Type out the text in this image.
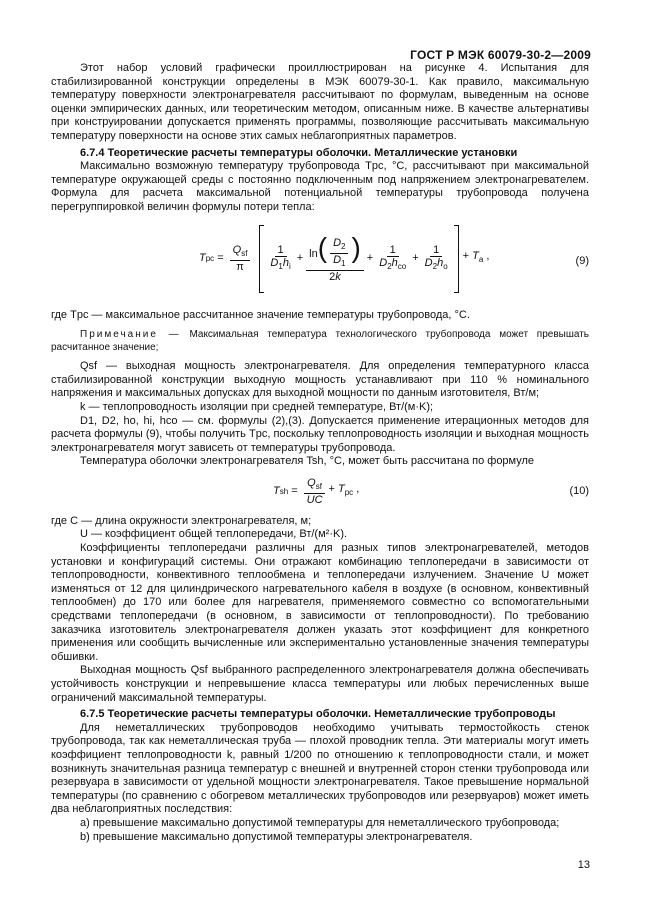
ГОСТ Р МЭК 60079-30-2—2009

Этот набор условий графически проиллюстрирован на рисунке 4. Испытания для стабилизированной конструкции определены в МЭК 60079-30-1. Как правило, максимальную температуру поверхности электронагревателя рассчитывают по формулам, выведенным на основе оценки эмпирических данных, или теоретическим методом, описанным ниже. В качестве альтернативы при конструировании допускается применять программы, позволяющие рассчитывать максимальную температуру поверхности на основе этих самых неблагоприятных параметров.

6.7.4 Теоретические расчеты температуры оболочки. Металлические установки

Максимально возможную температуру трубопровода Tpc, °C, рассчитывают при максимальной температуре окружающей среды с постоянно подключенным под напряжением электронагревателем. Формула для расчета максимальной потенциальной температуры трубопровода получена перегруппировкой величин формулы потери тепла:

T pc = $\frac{Q_{sf}}{\pi} \frac{1}{D_1h_i} + \frac{\ln( \frac{D_2}{D_1} )}{2k} + \frac{1}{D_2h_{co}} + \frac{1}{D_2h_o} + T_a$ ,	(9)

где Tpc — максимальное рассчитанное значение температуры трубопровода, °C.

Примечание — Максимальная температура технологического трубопровода может превышать расчитанное значение;

Qsf — выходная мощность электронагревателя. Для определения температурного класса стабилизированной конструкции выходную мощность устанавливают при 110 % номинального напряжения и максимальных допусках для выходной мощности по данным изготовителя, Вт/м;

k — теплопроводность изоляции при средней температуре, Вт/(м·K);

D1, D2, ho, hi, hco — см. формулы (2),(3). Допускается применение итерационных методов для расчета формулы (9), чтобы получить Tpc, поскольку теплопроводность изоляции и выходная мощность электронагревателя могут зависеть от температуры трубопровода.

Температура оболочки электронагревателя Tsh, °C, может быть рассчитана по формуле

T sh = $\frac{Q_{sf}}{UC} + T_{pc}$ ,	(10)

где C — длина окружности электронагревателя, м;

U — коэффициент общей теплопередачи, Вт/(м²·K).

Коэффициенты теплопередачи различны для разных типов электронагревателей, методов установки и конфигураций системы. Они отражают комбинацию теплопередачи в зависимости от теплопроводности, конвективного теплообмена и теплопередачи излучением. Значение U может изменяться от 12 для цилиндрического нагревательного кабеля в воздухе (в основном, конвективный теплообмен) до 170 или более для нагревателя, применяемого совместно со вспомогательными средствами теплопередачи (в основном, в зависимости от теплопроводности). По требованию заказчика изготовитель электронагревателя должен указать этот коэффициент для конкретного применения или сообщить вычисленные или экспериментально установленные значения температуры обшивки.

Выходная мощность Qsf выбранного распределенного электронагревателя должна обеспечивать устойчивость конструкции и непревышение класса температуры или любых перечисленных выше ограничений максимальной температуры.

6.7.5 Теоретические расчеты температуры оболочки. Неметаллические трубопроводы

Для неметаллических трубопроводов необходимо учитывать термостойкость стенок трубопровода, так как неметаллическая труба — плохой проводник тепла. Эти материалы могут иметь коэффициент теплопроводности k, равный 1/200 по отношению к теплопроводности стали, и может возникнуть значительная разница температур с внешней и внутренней сторон стенки трубопровода или резервуара в зависимости от удельной мощности электронагревателя. Такое превышение нормальной температуры (по сравнению с обогревом металлических трубопроводов или резервуаров) может иметь два неблагоприятных последствия:

a) превышение максимально допустимой температуры для неметаллического трубопровода;

b) превышение максимально допустимой температуры электронагревателя.

13
